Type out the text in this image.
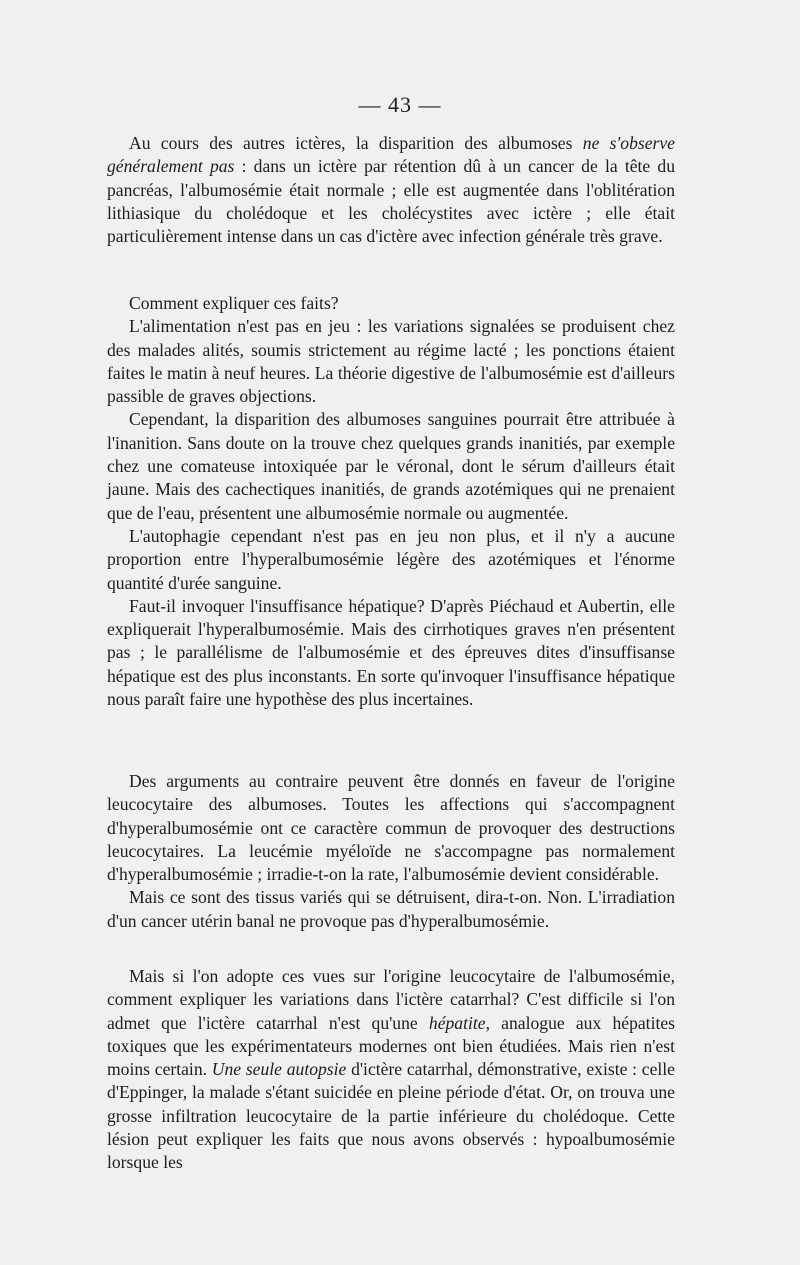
— 43 —

Au cours des autres ictères, la disparition des albumoses ne s'observe généralement pas : dans un ictère par rétention dû à un cancer de la tête du pancréas, l'albumosémie était normale ; elle est augmentée dans l'oblitération lithiasique du cholédoque et les cholécystites avec ictère ; elle était particulièrement intense dans un cas d'ictère avec infection générale très grave.

Comment expliquer ces faits?

L'alimentation n'est pas en jeu : les variations signalées se produisent chez des malades alités, soumis strictement au régime lacté ; les ponctions étaient faites le matin à neuf heures. La théorie digestive de l'albumosémie est d'ailleurs passible de graves objections.

Cependant, la disparition des albumoses sanguines pourrait être attribuée à l'inanition. Sans doute on la trouve chez quelques grands inanitiés, par exemple chez une comateuse intoxiquée par le véronal, dont le sérum d'ailleurs était jaune. Mais des cachectiques inanitiés, de grands azotémiques qui ne prenaient que de l'eau, présentent une albumosémie normale ou augmentée.

L'autophagie cependant n'est pas en jeu non plus, et il n'y a aucune proportion entre l'hyperalbumosémie légère des azotémiques et l'énorme quantité d'urée sanguine.

Faut-il invoquer l'insuffisance hépatique? D'après Piéchaud et Aubertin, elle expliquerait l'hyperalbumosémie. Mais des cirrhotiques graves n'en présentent pas ; le parallélisme de l'albumosémie et des épreuves dites d'insuffisanse hépatique est des plus inconstants. En sorte qu'invoquer l'insuffisance hépatique nous paraît faire une hypothèse des plus incertaines.

Des arguments au contraire peuvent être donnés en faveur de l'origine leucocytaire des albumoses. Toutes les affections qui s'accompagnent d'hyperalbumosémie ont ce caractère commun de provoquer des destructions leucocytaires. La leucémie myéloïde ne s'accompagne pas normalement d'hyperalbumosémie ; irradie-t-on la rate, l'albumosémie devient considérable.

Mais ce sont des tissus variés qui se détruisent, dira-t-on. Non. L'irradiation d'un cancer utérin banal ne provoque pas d'hyperalbumosémie.

Mais si l'on adopte ces vues sur l'origine leucocytaire de l'albumosémie, comment expliquer les variations dans l'ictère catarrhal? C'est difficile si l'on admet que l'ictère catarrhal n'est qu'une hépatite, analogue aux hépatites toxiques que les expérimentateurs modernes ont bien étudiées. Mais rien n'est moins certain. Une seule autopsie d'ictère catarrhal, démonstrative, existe : celle d'Eppinger, la malade s'étant suicidée en pleine période d'état. Or, on trouva une grosse infiltration leucocytaire de la partie inférieure du cholédoque. Cette lésion peut expliquer les faits que nous avons observés : hypoalbumosémie lorsque les
